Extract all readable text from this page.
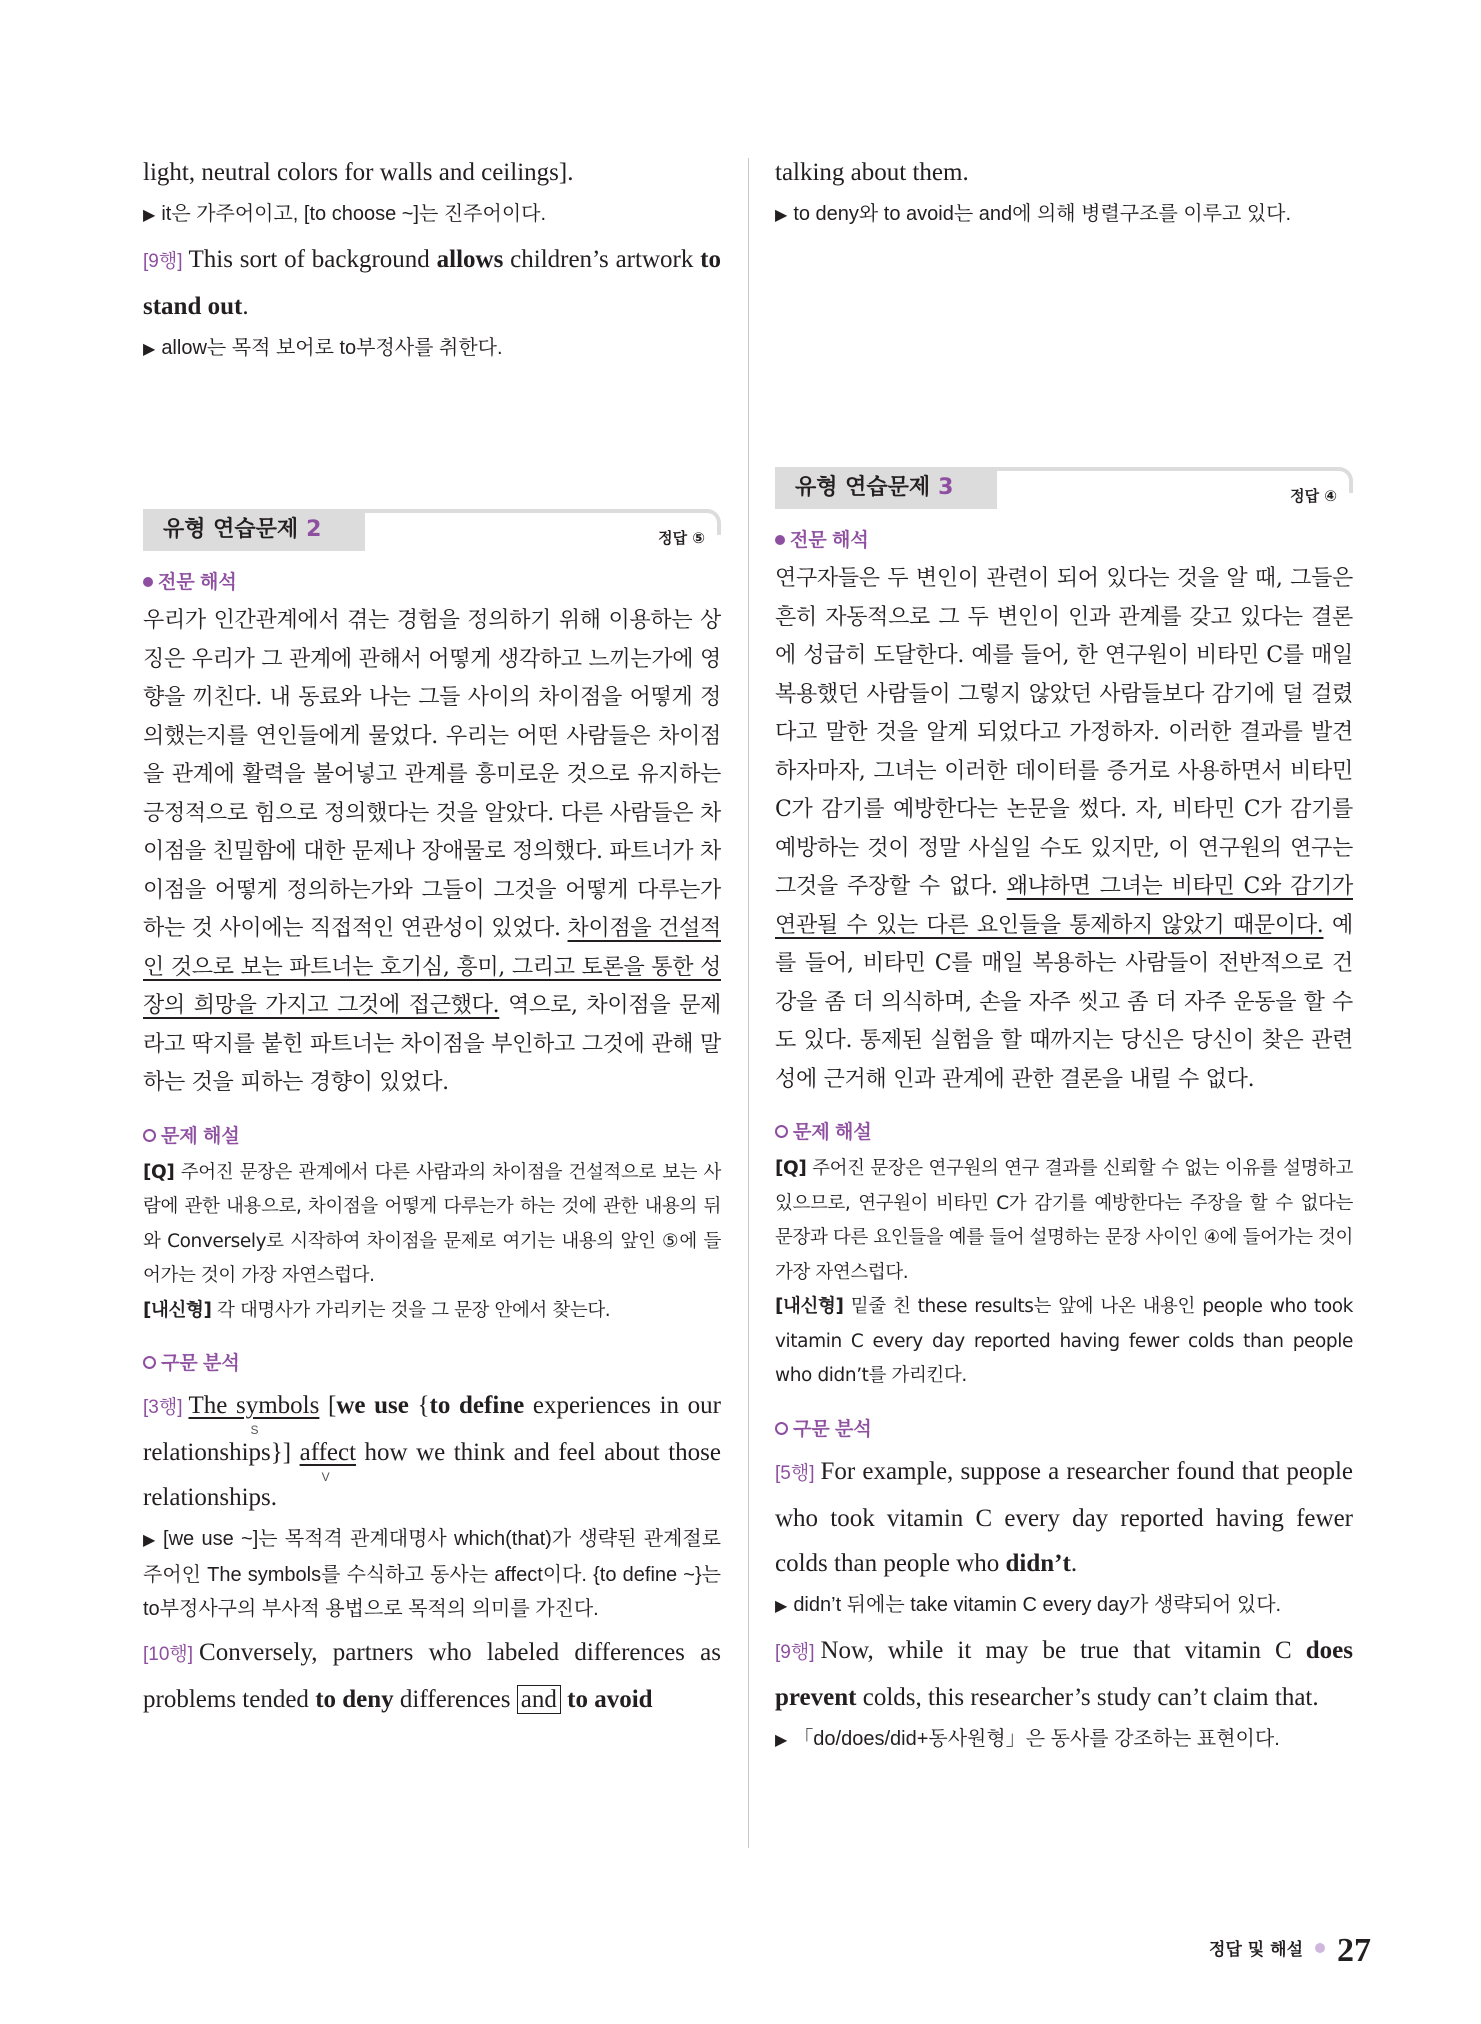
light, neutral colors for walls and ceilings].

▶ it은 가주어이고, [to choose ~]는 진주어이다.

[9행] This sort of background allows children’s artwork to stand out.

▶ allow는 목적 보어로 to부정사를 취한다.

유형 연습문제 2	정답 ⑤
전문 해석

우리가 인간관계에서 겪는 경험을 정의하기 위해 이용하는 상징은 우리가 그 관계에 관해서 어떻게 생각하고 느끼는가에 영향을 끼친다. 내 동료와 나는 그들 사이의 차이점을 어떻게 정의했는지를 연인들에게 물었다. 우리는 어떤 사람들은 차이점을 관계에 활력을 불어넣고 관계를 흥미로운 것으로 유지하는 긍정적으로 힘으로 정의했다는 것을 알았다. 다른 사람들은 차이점을 친밀함에 대한 문제나 장애물로 정의했다. 파트너가 차이점을 어떻게 정의하는가와 그들이 그것을 어떻게 다루는가 하는 것 사이에는 직접적인 연관성이 있었다. 차이점을 건설적인 것으로 보는 파트너는 호기심, 흥미, 그리고 토론을 통한 성장의 희망을 가지고 그것에 접근했다. 역으로, 차이점을 문제라고 딱지를 붙힌 파트너는 차이점을 부인하고 그것에 관해 말하는 것을 피하는 경향이 있었다.

문제 해설

[Q] 주어진 문장은 관계에서 다른 사람과의 차이점을 건설적으로 보는 사람에 관한 내용으로, 차이점을 어떻게 다루는가 하는 것에 관한 내용의 뒤와 Conversely로 시작하여 차이점을 문제로 여기는 내용의 앞인 ⑤에 들어가는 것이 가장 자연스럽다.

[내신형] 각 대명사가 가리키는 것을 그 문장 안에서 찾는다.

구문 분석

[3행] The symbols
S
[we use {to define experiences in our relationships}] affect
V
how we think and feel about those relationships.

▶ [we use ~]는 목적격 관계대명사 which(that)가 생략된 관계절로 주어인 The symbols를 수식하고 동사는 affect이다. {to define ~}는 to부정사구의 부사적 용법으로 목적의 의미를 가진다.

[10행] Conversely, partners who labeled differences as problems tended to deny differences and to avoid

talking about them.

▶ to deny와 to avoid는 and에 의해 병렬구조를 이루고 있다.

유형 연습문제 3	정답 ④
전문 해석

연구자들은 두 변인이 관련이 되어 있다는 것을 알 때, 그들은 흔히 자동적으로 그 두 변인이 인과 관계를 갖고 있다는 결론에 성급히 도달한다. 예를 들어, 한 연구원이 비타민 C를 매일 복용했던 사람들이 그렇지 않았던 사람들보다 감기에 덜 걸렸다고 말한 것을 알게 되었다고 가정하자. 이러한 결과를 발견하자마자, 그녀는 이러한 데이터를 증거로 사용하면서 비타민 C가 감기를 예방한다는 논문을 썼다. 자, 비타민 C가 감기를 예방하는 것이 정말 사실일 수도 있지만, 이 연구원의 연구는 그것을 주장할 수 없다. 왜냐하면 그녀는 비타민 C와 감기가 연관될 수 있는 다른 요인들을 통제하지 않았기 때문이다. 예를 들어, 비타민 C를 매일 복용하는 사람들이 전반적으로 건강을 좀 더 의식하며, 손을 자주 씻고 좀 더 자주 운동을 할 수도 있다. 통제된 실험을 할 때까지는 당신은 당신이 찾은 관련성에 근거해 인과 관계에 관한 결론을 내릴 수 없다.

문제 해설

[Q] 주어진 문장은 연구원의 연구 결과를 신뢰할 수 없는 이유를 설명하고 있으므로, 연구원이 비타민 C가 감기를 예방한다는 주장을 할 수 없다는 문장과 다른 요인들을 예를 들어 설명하는 문장 사이인 ④에 들어가는 것이 가장 자연스럽다.

[내신형] 밑줄 친 these results는 앞에 나온 내용인 people who took vitamin C every day reported having fewer colds than people who didn’t를 가리킨다.

구문 분석

[5행] For example, suppose a researcher found that people who took vitamin C every day reported having fewer colds than people who didn’t.

▶ didn’t 뒤에는 take vitamin C every day가 생략되어 있다.

[9행] Now, while it may be true that vitamin C does prevent colds, this researcher’s study can’t claim that.

▶ 「do/does/did+동사원형」은 동사를 강조하는 표현이다.

정답 및 해설 27
